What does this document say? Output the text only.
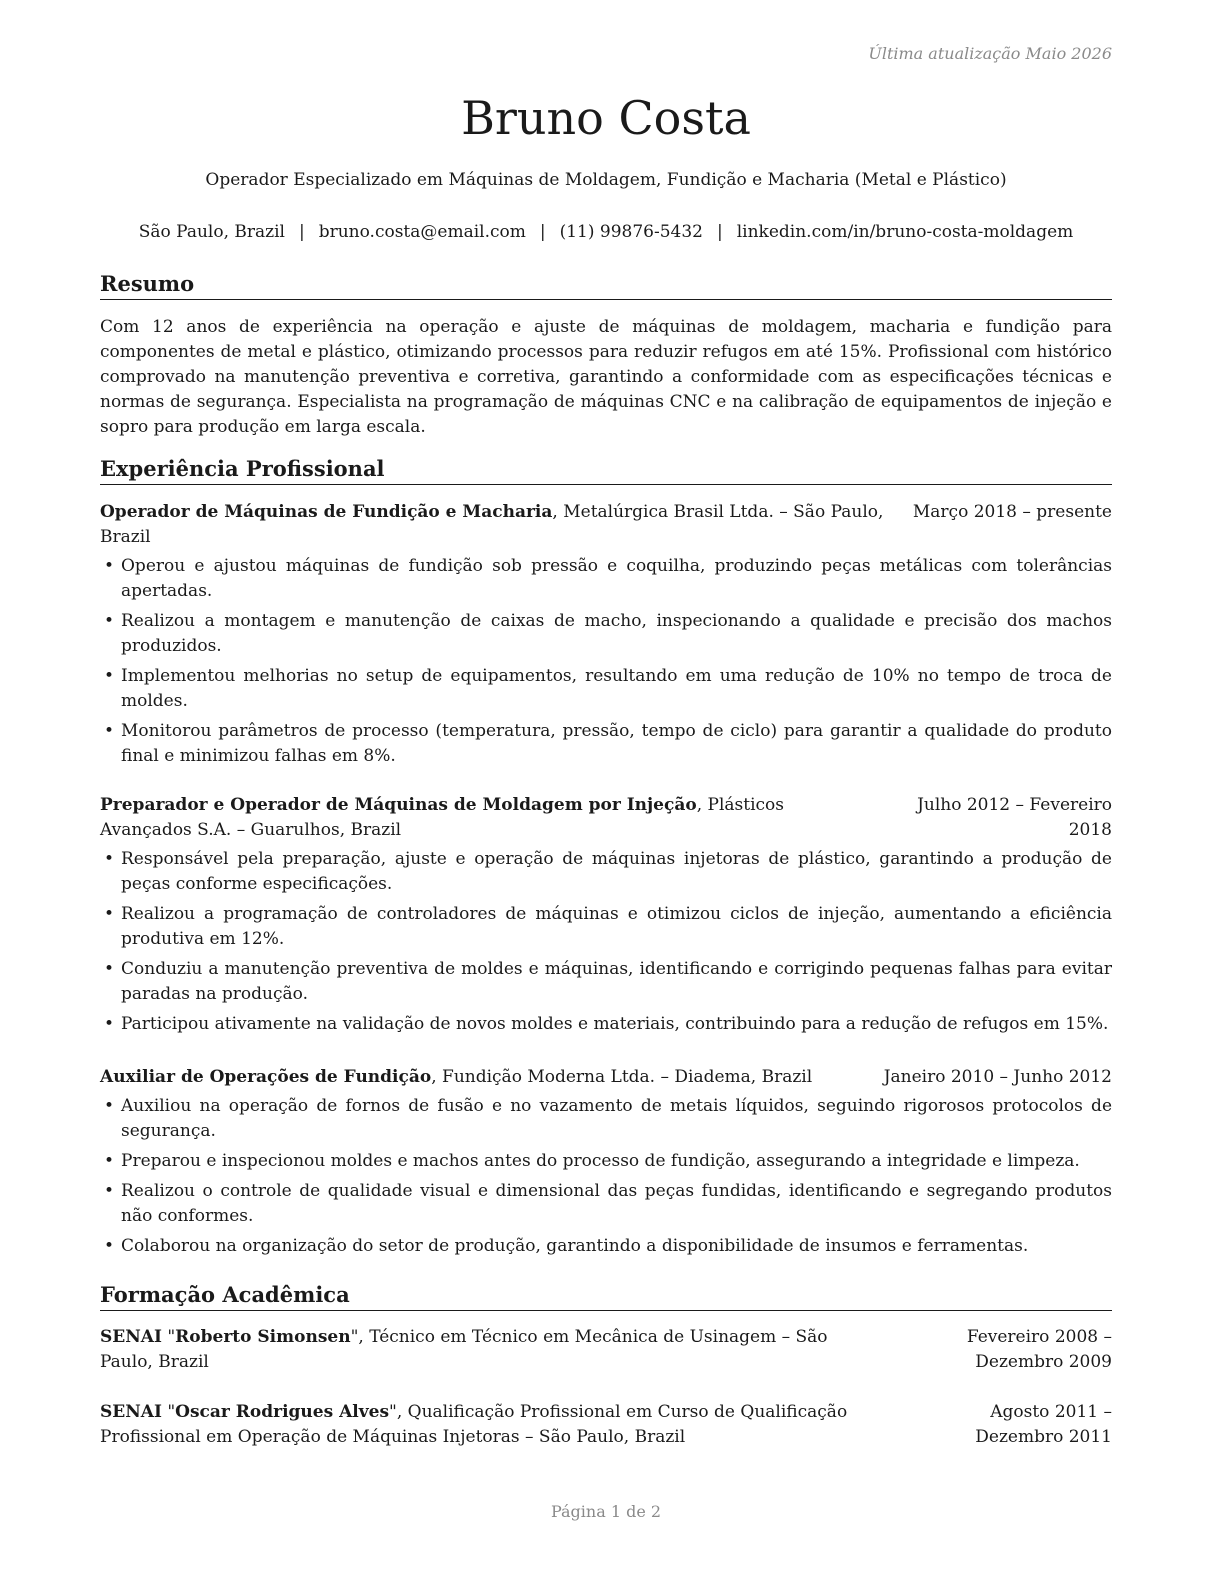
Última atualização Maio 2026
Bruno Costa
Operador Especializado em Máquinas de Moldagem, Fundição e Macharia (Metal e Plástico)
São Paulo, Brazil | bruno.costa@email.com | (11) 99876-5432 | linkedin.com/in/bruno-costa-moldagem
Resumo
Com 12 anos de experiência na operação e ajuste de máquinas de moldagem, macharia e fundição para componentes de metal e plástico, otimizando processos para reduzir refugos em até 15%. Profissional com histórico comprovado na manutenção preventiva e corretiva, garantindo a conformidade com as especificações técnicas e normas de segurança. Especialista na programação de máquinas CNC e na calibração de equipamentos de injeção e sopro para produção em larga escala.
Experiência Profissional
Operador de Máquinas de Fundição e Macharia, Metalúrgica Brasil Ltda. – São Paulo, Brazil
Março 2018 – presente
• Operou e ajustou máquinas de fundição sob pressão e coquilha, produzindo peças metálicas com tolerâncias apertadas.
• Realizou a montagem e manutenção de caixas de macho, inspecionando a qualidade e precisão dos machos produzidos.
• Implementou melhorias no setup de equipamentos, resultando em uma redução de 10% no tempo de troca de moldes.
• Monitorou parâmetros de processo (temperatura, pressão, tempo de ciclo) para garantir a qualidade do produto final e minimizou falhas em 8%.
Preparador e Operador de Máquinas de Moldagem por Injeção, Plásticos Avançados S.A. – Guarulhos, Brazil
Julho 2012 – Fevereiro 2018
• Responsável pela preparação, ajuste e operação de máquinas injetoras de plástico, garantindo a produção de peças conforme especificações.
• Realizou a programação de controladores de máquinas e otimizou ciclos de injeção, aumentando a eficiência produtiva em 12%.
• Conduziu a manutenção preventiva de moldes e máquinas, identificando e corrigindo pequenas falhas para evitar paradas na produção.
• Participou ativamente na validação de novos moldes e materiais, contribuindo para a redução de refugos em 15%.
Auxiliar de Operações de Fundição, Fundição Moderna Ltda. – Diadema, Brazil	Janeiro 2010 – Junho 2012
• Auxiliou na operação de fornos de fusão e no vazamento de metais líquidos, seguindo rigorosos protocolos de segurança.
• Preparou e inspecionou moldes e machos antes do processo de fundição, assegurando a integridade e limpeza.
• Realizou o controle de qualidade visual e dimensional das peças fundidas, identificando e segregando produtos não conformes.
• Colaborou na organização do setor de produção, garantindo a disponibilidade de insumos e ferramentas.
Formação Acadêmica
SENAI "Roberto Simonsen", Técnico em Técnico em Mecânica de Usinagem – São Paulo, Brazil
Fevereiro 2008 – Dezembro 2009
SENAI "Oscar Rodrigues Alves", Qualificação Profissional em Curso de Qualificação Profissional em Operação de Máquinas Injetoras – São Paulo, Brazil
Agosto 2011 – Dezembro 2011
Página 1 de 2
